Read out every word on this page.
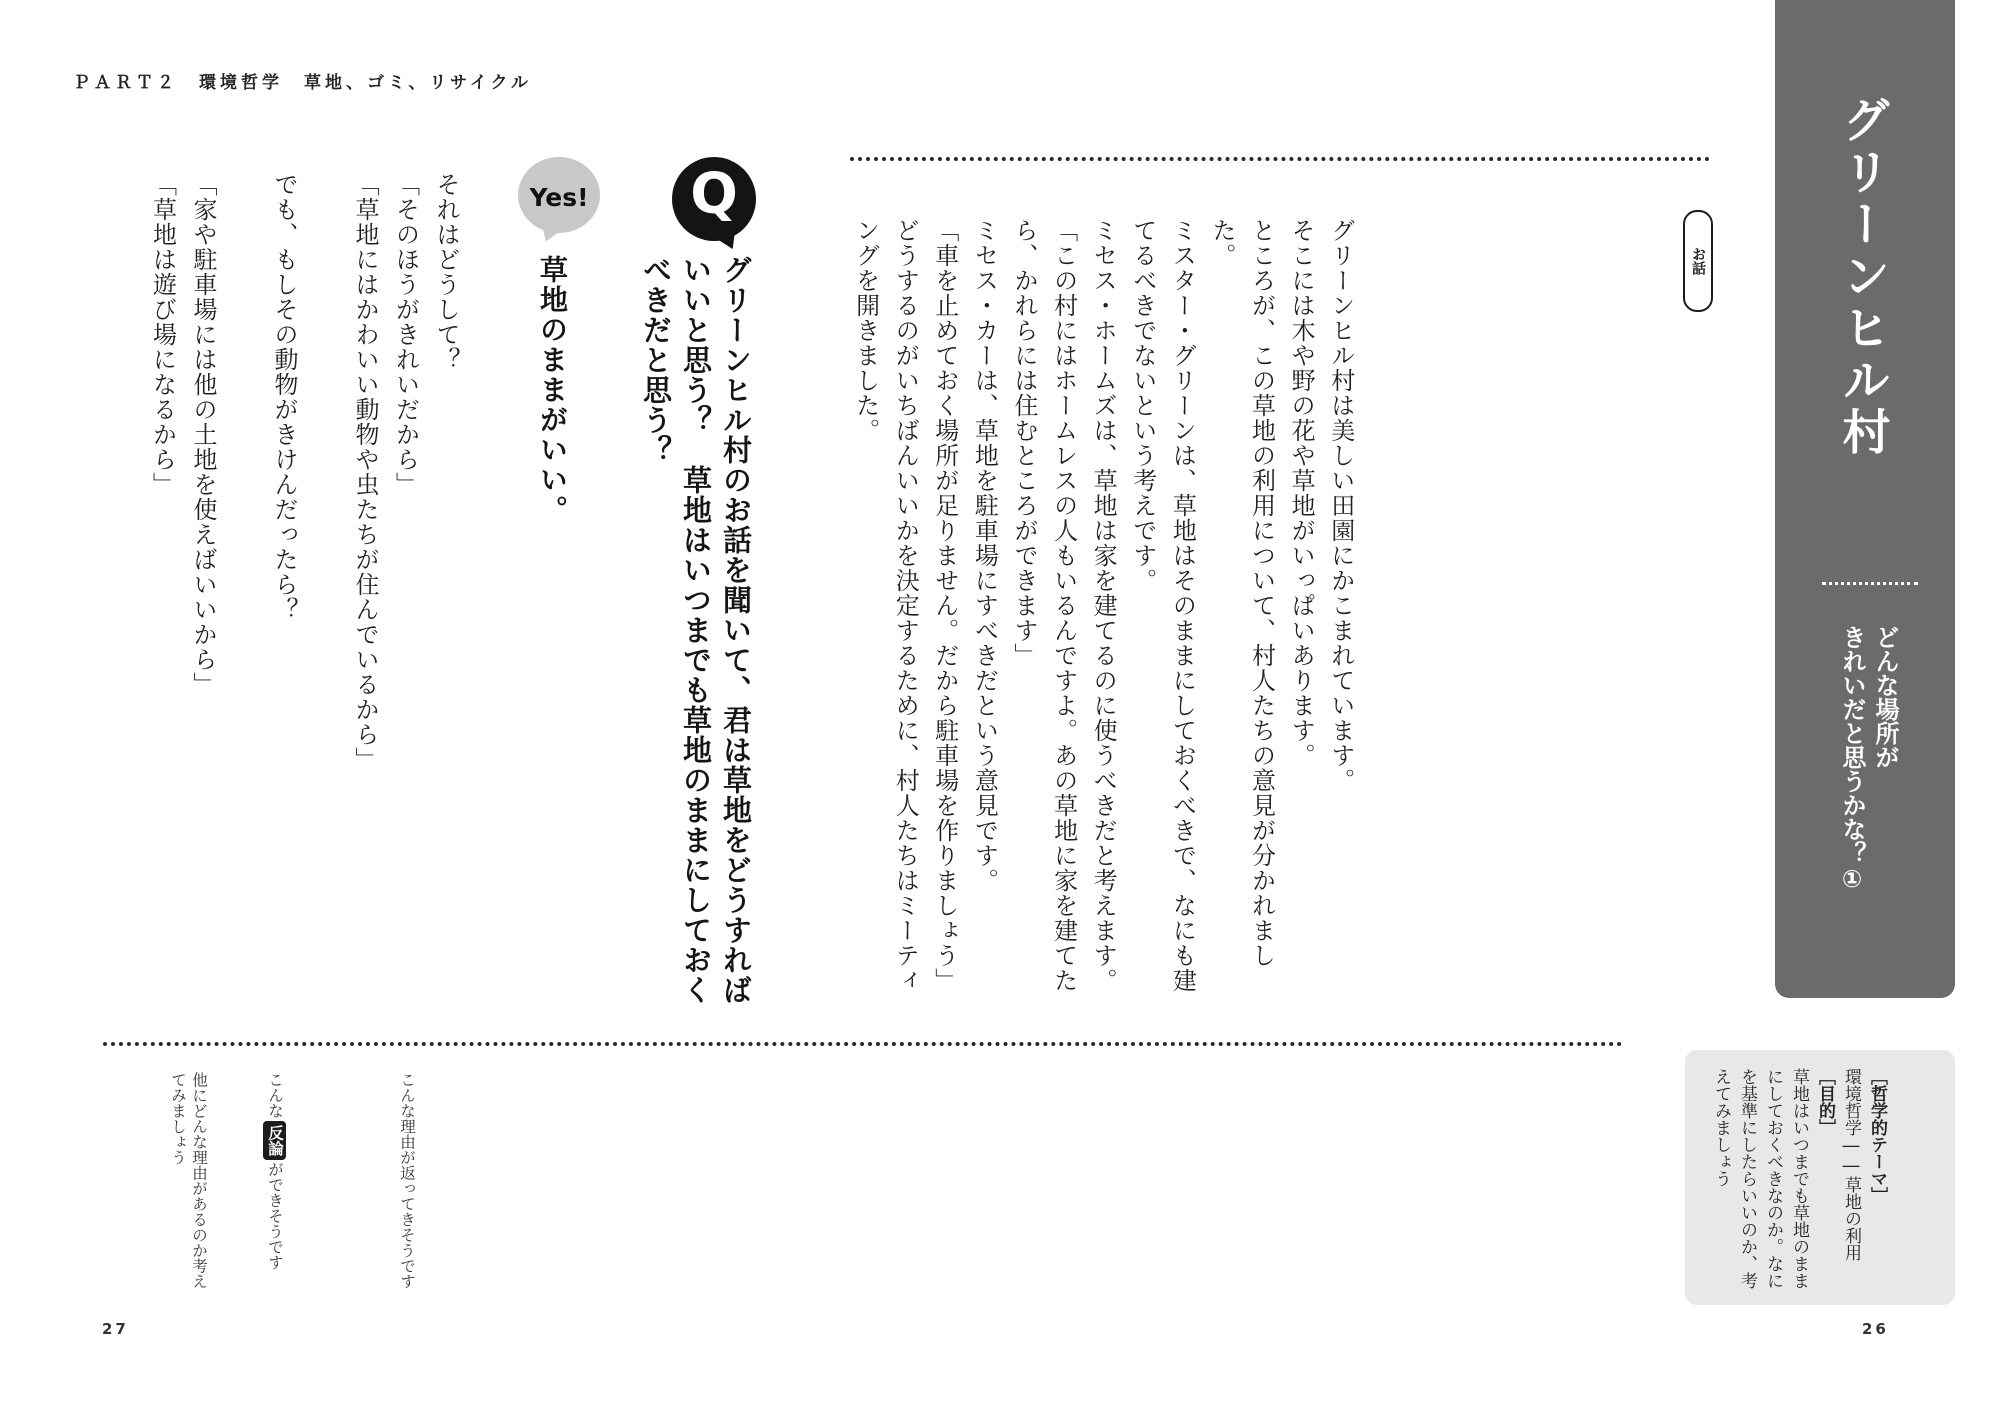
ＰＡＲＴ２　環境哲学　草地、ゴミ、リサイクル
グリーンヒル村
どんな場所が
きれいだと思うかな？①
［哲学的テーマ］
環境哲学――草地の利用
［目的］
草地はいつまでも草地のままにしておくべきなのか。なにを基準にしたらいいのか、考えてみましょう
お話
グリーンヒル村は美しい田園にかこまれています。
そこには木や野の花や草地がいっぱいあります。
ところが、この草地の利用について、村人たちの意見が分かれました。
ミスター・グリーンは、草地はそのままにしておくべきで、なにも建てるべきでないという考えです。
ミセス・ホームズは、草地は家を建てるのに使うべきだと考えます。
「この村にはホームレスの人もいるんですよ。あの草地に家を建てたら、かれらには住むところができます」
ミセス・カーは、草地を駐車場にすべきだという意見です。
「車を止めておく場所が足りません。だから駐車場を作りましょう」
どうするのがいちばんいいかを決定するために、村人たちはミーティングを開きました。
Q
グリーンヒル村のお話を聞いて、君は草地をどうすればいいと思う？　草地はいつまでも草地のままにしておくべきだと思う？
Yes!
草地のままがいい。
それはどうして？
「そのほうがきれいだから」
「草地にはかわいい動物や虫たちが住んでいるから」

でも、もしその動物がきけんだったら？

「家や駐車場には他の土地を使えばいいから」
「草地は遊び場になるから」
こんな理由が返ってきそうです
こんな反論ができそうです
他にどんな理由があるのか考えてみましょう
27	26
